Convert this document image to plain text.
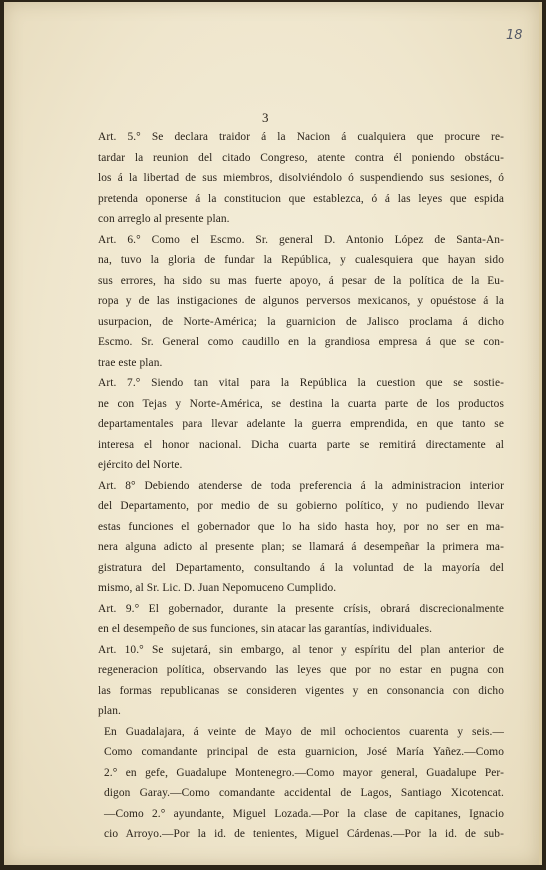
18
3
Art. 5.° Se declara traidor á la Nacion á cualquiera que procure re-
tardar la reunion del citado Congreso, atente contra él poniendo obstácu-
los á la libertad de sus miembros, disolviéndolo ó suspendiendo sus sesiones, ó
pretenda oponerse á la constitucion que establezca, ó á las leyes que espida
con arreglo al presente plan.
Art. 6.° Como el Escmo. Sr. general D. Antonio López de Santa-An-
na, tuvo la gloria de fundar la República, y cualesquiera que hayan sido
sus errores, ha sido su mas fuerte apoyo, á pesar de la política de la Eu-
ropa y de las instigaciones de algunos perversos mexicanos, y opuéstose á la
usurpacion, de Norte-América; la guarnicion de Jalisco proclama á dicho
Escmo. Sr. General como caudillo en la grandiosa empresa á que se con-
trae este plan.
Art. 7.° Siendo tan vital para la República la cuestion que se sostie-
ne con Tejas y Norte-América, se destina la cuarta parte de los productos
departamentales para llevar adelante la guerra emprendida, en que tanto se
interesa el honor nacional. Dicha cuarta parte se remitirá directamente al
ejército del Norte.
Art. 8° Debiendo atenderse de toda preferencia á la administracion interior
del Departamento, por medio de su gobierno político, y no pudiendo llevar
estas funciones el gobernador que lo ha sido hasta hoy, por no ser en ma-
nera alguna adicto al presente plan; se llamará á desempeñar la primera ma-
gistratura del Departamento, consultando á la voluntad de la mayoría del
mismo, al Sr. Lic. D. Juan Nepomuceno Cumplido.
Art. 9.° El gobernador, durante la presente crísis, obrará discrecionalmente
en el desempeño de sus funciones, sin atacar las garantías, individuales.
Art. 10.° Se sujetará, sin embargo, al tenor y espíritu del plan anterior de
regeneracion política, observando las leyes que por no estar en pugna con
las formas republicanas se consideren vigentes y en consonancia con dicho
plan.
En Guadalajara, á veinte de Mayo de mil ochocientos cuarenta y seis.—
Como comandante principal de esta guarnicion, José María Yañez.—Como
2.° en gefe, Guadalupe Montenegro.—Como mayor general, Guadalupe Per-
digon Garay.—Como comandante accidental de Lagos, Santiago Xicotencat.
—Como 2.° ayundante, Miguel Lozada.—Por la clase de capitanes, Ignacio
cio Arroyo.—Por la id. de tenientes, Miguel Cárdenas.—Por la id. de sub-
